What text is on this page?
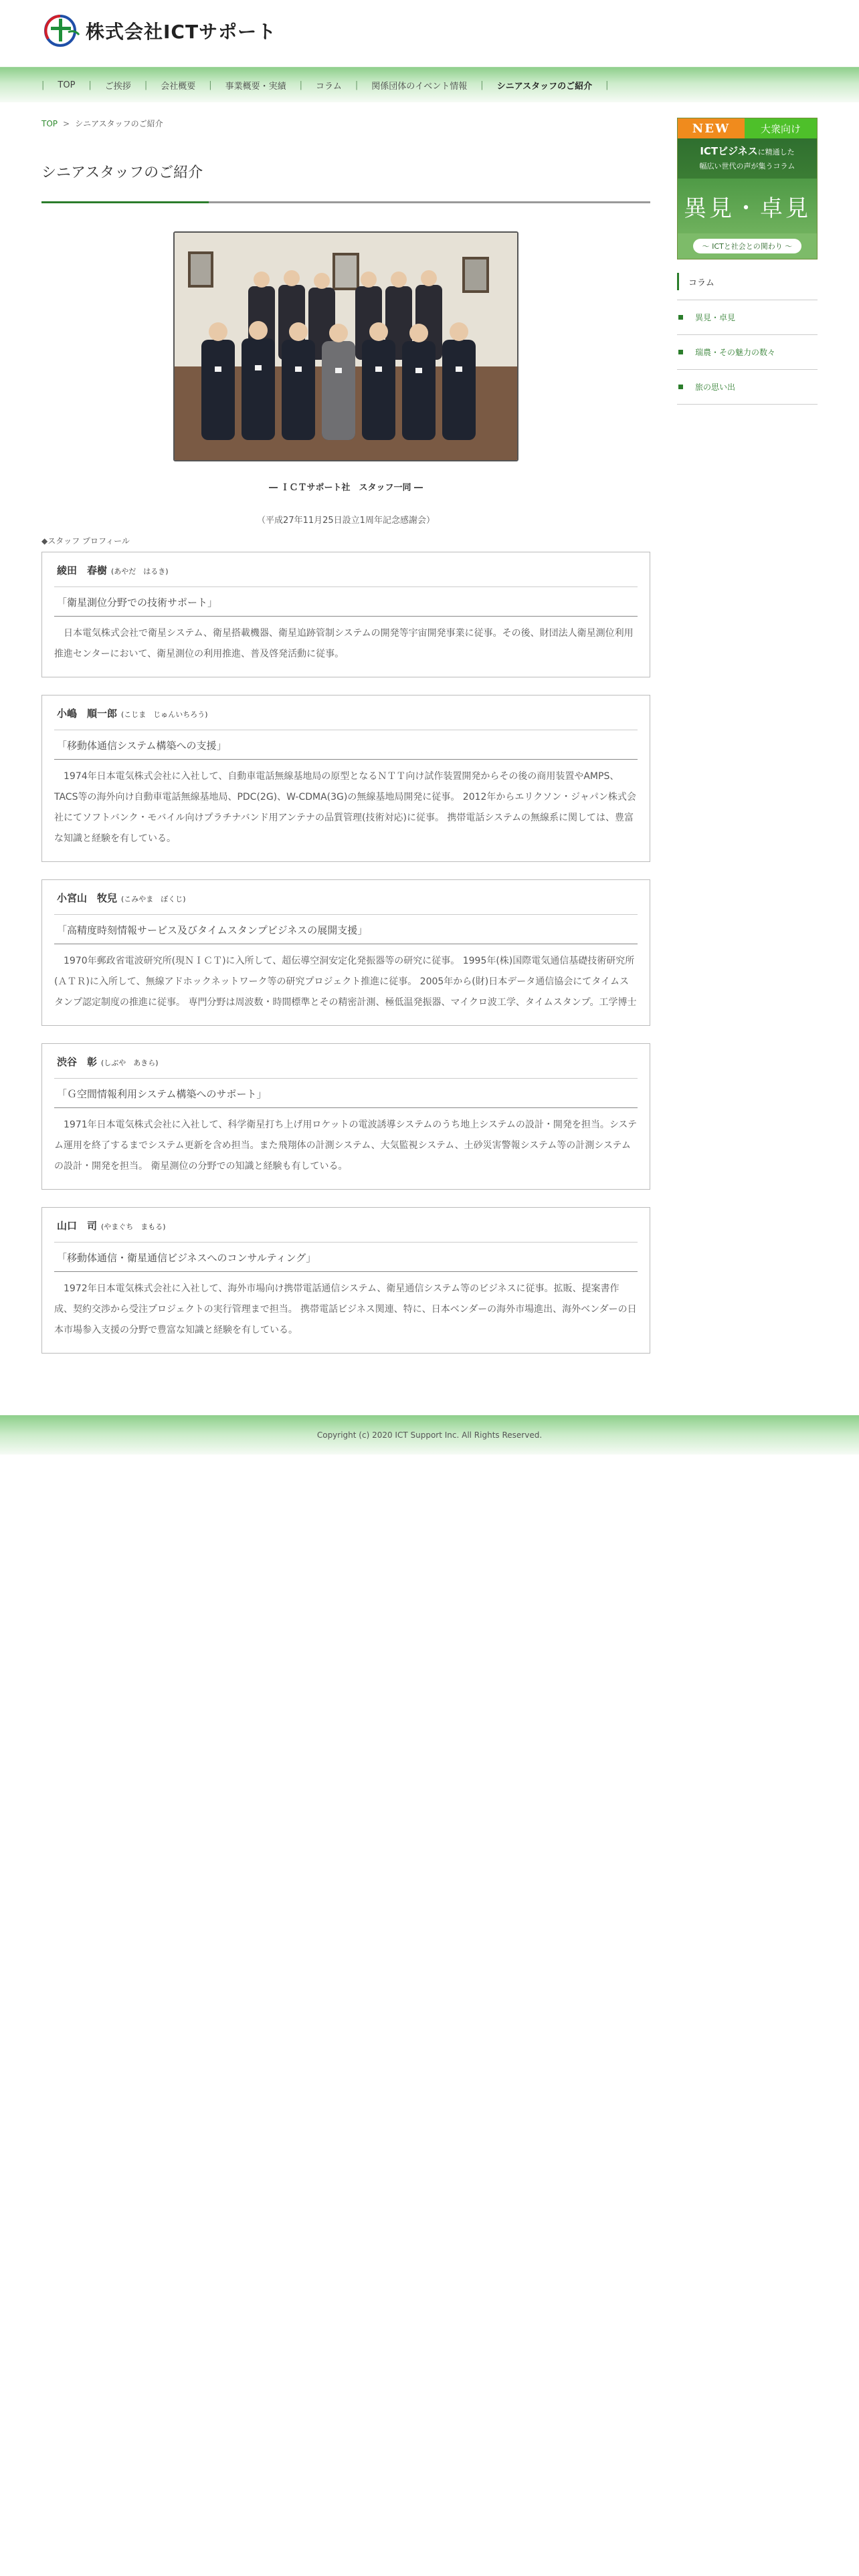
株式会社ICTサポート
| TOP | ご挨拶 | 会社概要 | 事業概要・実績 | コラム | 関係団体のイベント情報 | シニアスタッフのご紹介 |
TOP > シニアスタッフのご紹介
シニアスタッフのご紹介
― ＩＣＴサポート社　スタッフ一同 ―
（平成27年11月25日設立1周年記念感謝会）
◆スタッフ プロフィール
綾田　春樹 (あやだ　はるき)
「衛星測位分野での技術サポート」
日本電気株式会社で衛星システム、衛星搭載機器、衛星追跡管制システムの開発等宇宙開発事業に従事。その後、財団法人衛星測位利用推進センターにおいて、衛星測位の利用推進、普及啓発活動に従事。
小嶋　順一郎 (こじま　じゅんいちろう)
「移動体通信システム構築への支援」
1974年日本電気株式会社に入社して、自動車電話無線基地局の原型となるＮＴＴ向け試作装置開発からその後の商用装置やAMPS、TACS等の海外向け自動車電話無線基地局、PDC(2G)、W-CDMA(3G)の無線基地局開発に従事。 2012年からエリクソン・ジャパン株式会社にてソフトバンク・モバイル向けプラチナバンド用アンテナの品質管理(技術対応)に従事。 携帯電話システムの無線系に関しては、豊富な知識と経験を有している。
小宮山　牧兒 (こみやま　ぼくじ)
「高精度時刻情報サービス及びタイムスタンプビジネスの展開支援」
1970年郵政省電波研究所(現ＮＩＣＴ)に入所して、超伝導空洞安定化発振器等の研究に従事。 1995年(株)国際電気通信基礎技術研究所(ＡＴＲ)に入所して、無線アドホックネットワーク等の研究プロジェクト推進に従事。 2005年から(財)日本データ通信協会にてタイムスタンプ認定制度の推進に従事。 専門分野は周波数・時間標準とその精密計測、極低温発振器、マイクロ波工学、タイムスタンプ。工学博士
渋谷　彰 (しぶや　あきら)
「Ｇ空間情報利用システム構築へのサポート」
1971年日本電気株式会社に入社して、科学衛星打ち上げ用ロケットの電波誘導システムのうち地上システムの設計・開発を担当。システム運用を終了するまでシステム更新を含め担当。また飛翔体の計測システム、大気監視システム、土砂災害警報システム等の計測システムの設計・開発を担当。 衛星測位の分野での知識と経験も有している。
山口　司 (やまぐち　まもる)
「移動体通信・衛星通信ビジネスへのコンサルティング」
1972年日本電気株式会社に入社して、海外市場向け携帯電話通信システム、衛星通信システム等のビジネスに従事。拡販、提案書作成、契約交渉から受注プロジェクトの実行管理まで担当。 携帯電話ビジネス関連、特に、日本ベンダーの海外市場進出、海外ベンダーの日本市場参入支援の分野で豊富な知識と経験を有している。
NEW	大衆向け
ICTビジネスに精通した
幅広い世代の声が集うコラム
異見・卓見
～ ICTと社会との関わり ～
コラム
異見・卓見
瑞農・その魅力の数々
旅の思い出
Copyright (c) 2020 ICT Support Inc. All Rights Reserved.
